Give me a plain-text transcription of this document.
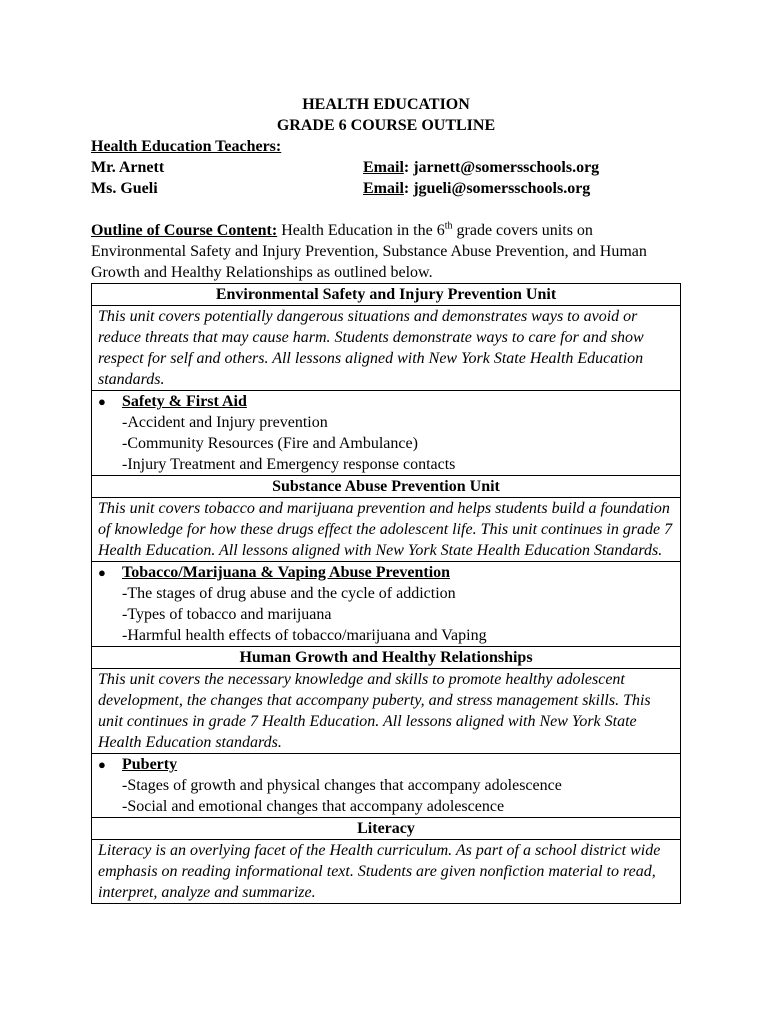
HEALTH EDUCATION
GRADE 6 COURSE OUTLINE
Health Education Teachers:
Mr. Arnett	Email: jarnett@somersschools.org
Ms. Gueli	Email: jgueli@somersschools.org
Outline of Course Content: Health Education in the 6th grade covers units on Environmental Safety and Injury Prevention, Substance Abuse Prevention, and Human Growth and Healthy Relationships as outlined below.
Environmental Safety and Injury Prevention Unit
This unit covers potentially dangerous situations and demonstrates ways to avoid or reduce threats that may cause harm. Students demonstrate ways to care for and show respect for self and others. All lessons aligned with New York State Health Education standards.

●	Safety & First Aid
-Accident and Injury prevention
-Community Resources (Fire and Ambulance)
-Injury Treatment and Emergency response contacts

Substance Abuse Prevention Unit
This unit covers tobacco and marijuana prevention and helps students build a foundation of knowledge for how these drugs effect the adolescent life. This unit continues in grade 7 Health Education. All lessons aligned with New York State Health Education Standards.

●	Tobacco/Marijuana & Vaping Abuse Prevention
-The stages of drug abuse and the cycle of addiction
-Types of tobacco and marijuana
-Harmful health effects of tobacco/marijuana and Vaping

Human Growth and Healthy Relationships
This unit covers the necessary knowledge and skills to promote healthy adolescent development, the changes that accompany puberty, and stress management skills. This unit continues in grade 7 Health Education. All lessons aligned with New York State Health Education standards.

●	Puberty
-Stages of growth and physical changes that accompany adolescence
-Social and emotional changes that accompany adolescence

Literacy
Literacy is an overlying facet of the Health curriculum. As part of a school district wide emphasis on reading informational text. Students are given nonfiction material to read, interpret, analyze and summarize.
